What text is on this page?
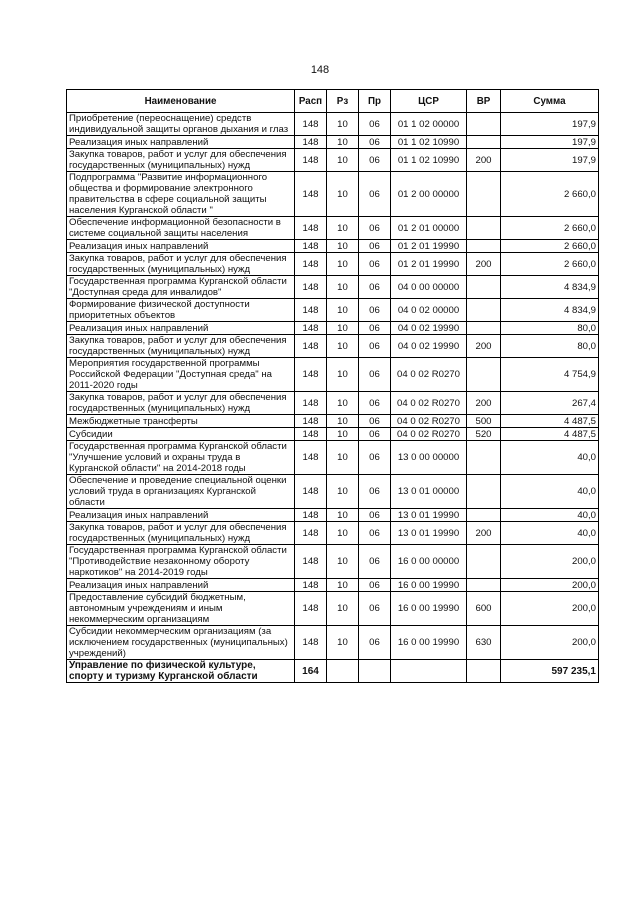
148
Наименование	Расп	Рз	Пр	ЦСР	ВР	Сумма
Приобретение (переоснащение) средств индивидуальной защиты органов дыхания и глаз	148	10	06	01 1 02 00000		197,9
Реализация иных направлений	148	10	06	01 1 02 10990		197,9
Закупка товаров, работ и услуг для обеспечения государственных (муниципальных) нужд	148	10	06	01 1 02 10990	200	197,9
Подпрограмма "Развитие информационного общества и формирование электронного правительства в сфере социальной защиты населения Курганской области "	148	10	06	01 2 00 00000		2 660,0
Обеспечение информационной безопасности в системе социальной защиты населения	148	10	06	01 2 01 00000		2 660,0
Реализация иных направлений	148	10	06	01 2 01 19990		2 660,0
Закупка товаров, работ и услуг для обеспечения государственных (муниципальных) нужд	148	10	06	01 2 01 19990	200	2 660,0
Государственная программа Курганской области "Доступная среда для инвалидов"	148	10	06	04 0 00 00000		4 834,9
Формирование физической доступности приоритетных объектов	148	10	06	04 0 02 00000		4 834,9
Реализация иных направлений	148	10	06	04 0 02 19990		80,0
Закупка товаров, работ и услуг для обеспечения государственных (муниципальных) нужд	148	10	06	04 0 02 19990	200	80,0
Мероприятия государственной программы Российской Федерации "Доступная среда" на 2011-2020 годы	148	10	06	04 0 02 R0270		4 754,9
Закупка товаров, работ и услуг для обеспечения государственных (муниципальных) нужд	148	10	06	04 0 02 R0270	200	267,4
Межбюджетные трансферты	148	10	06	04 0 02 R0270	500	4 487,5
Субсидии	148	10	06	04 0 02 R0270	520	4 487,5
Государственная программа Курганской области "Улучшение условий и охраны труда в Курганской области" на 2014-2018 годы	148	10	06	13 0 00 00000		40,0
Обеспечение и проведение специальной оценки условий труда в организациях Курганской области	148	10	06	13 0 01 00000		40,0
Реализация иных направлений	148	10	06	13 0 01 19990		40,0
Закупка товаров, работ и услуг для обеспечения государственных (муниципальных) нужд	148	10	06	13 0 01 19990	200	40,0
Государственная программа Курганской области "Противодействие незаконному обороту наркотиков" на 2014-2019 годы	148	10	06	16 0 00 00000		200,0
Реализация иных направлений	148	10	06	16 0 00 19990		200,0
Предоставление субсидий бюджетным, автономным учреждениям и иным некоммерческим организациям	148	10	06	16 0 00 19990	600	200,0
Субсидии некоммерческим организациям (за исключением государственных (муниципальных) учреждений)	148	10	06	16 0 00 19990	630	200,0
Управление по физической культуре, спорту и туризму Курганской области	164					597 235,1
